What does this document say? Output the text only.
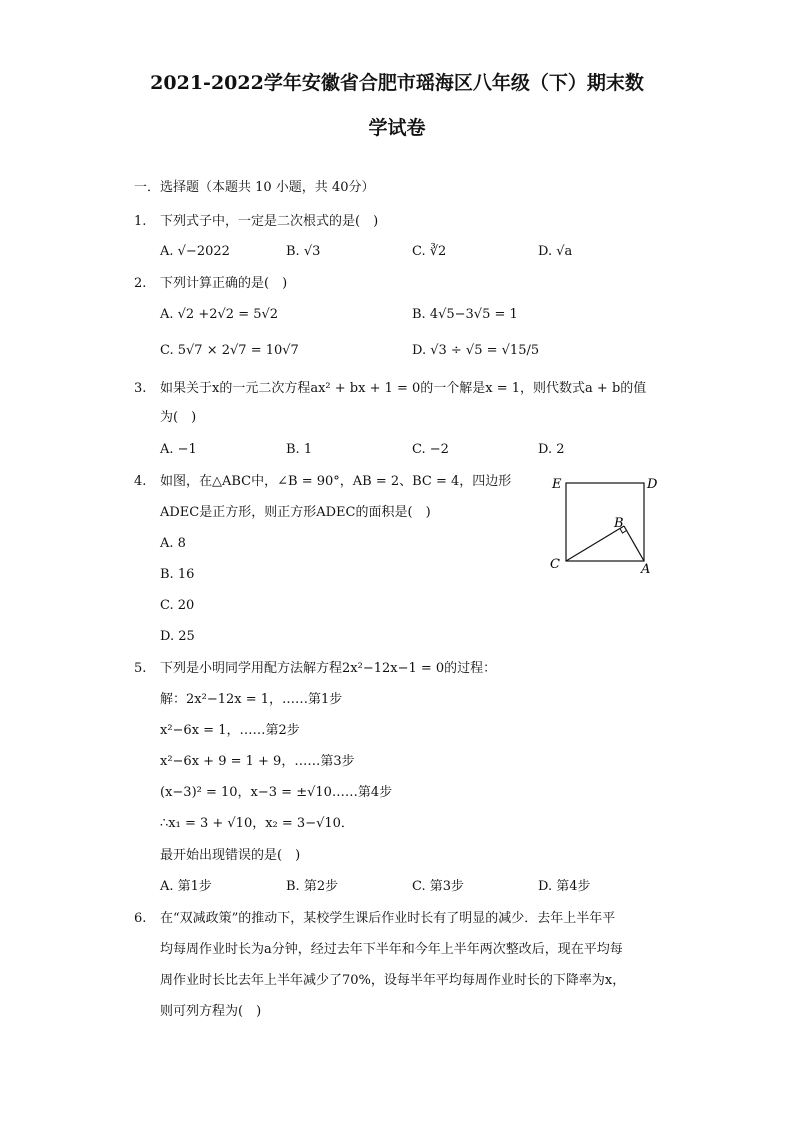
2021-2022学年安徽省合肥市瑶海区八年级（下）期末数
学试卷
一．选择题（本题共 10 小题，共 40分）
1. 下列式子中，一定是二次根式的是(　)
A. √−2022	B. √3	C. ∛2	D. √a
2. 下列计算正确的是(　)
A. √2 +2√2 = 5√2	B. 4√5−3√5 = 1
C. 5√7 × 2√7 = 10√7	D. √3 ÷ √5 = √15/5
3. 如果关于x的一元二次方程ax² + bx + 1 = 0的一个解是x = 1，则代数式a + b的值
为(　)
A. −1	B. 1	C. −2	D. 2
4. 如图，在△ABC中，∠B = 90°，AB = 2、BC = 4，四边形
ADEC是正方形，则正方形ADEC的面积是(　)
A. 8
B. 16
C. 20
D. 25
E	D
B
C	A
5. 下列是小明同学用配方法解方程2x²−12x−1 = 0的过程：
解：2x²−12x = 1，……第1步
x²−6x = 1，……第2步
x²−6x + 9 = 1 + 9，……第3步
(x−3)² = 10，x−3 = ±√10……第4步
∴x₁ = 3 + √10，x₂ = 3−√10．
最开始出现错误的是(　)
A. 第1步	B. 第2步	C. 第3步	D. 第4步
6. 在“双减政策”的推动下，某校学生课后作业时长有了明显的减少．去年上半年平
均每周作业时长为a分钟，经过去年下半年和今年上半年两次整改后，现在平均每
周作业时长比去年上半年减少了70%，设每半年平均每周作业时长的下降率为x，
则可列方程为(　)
